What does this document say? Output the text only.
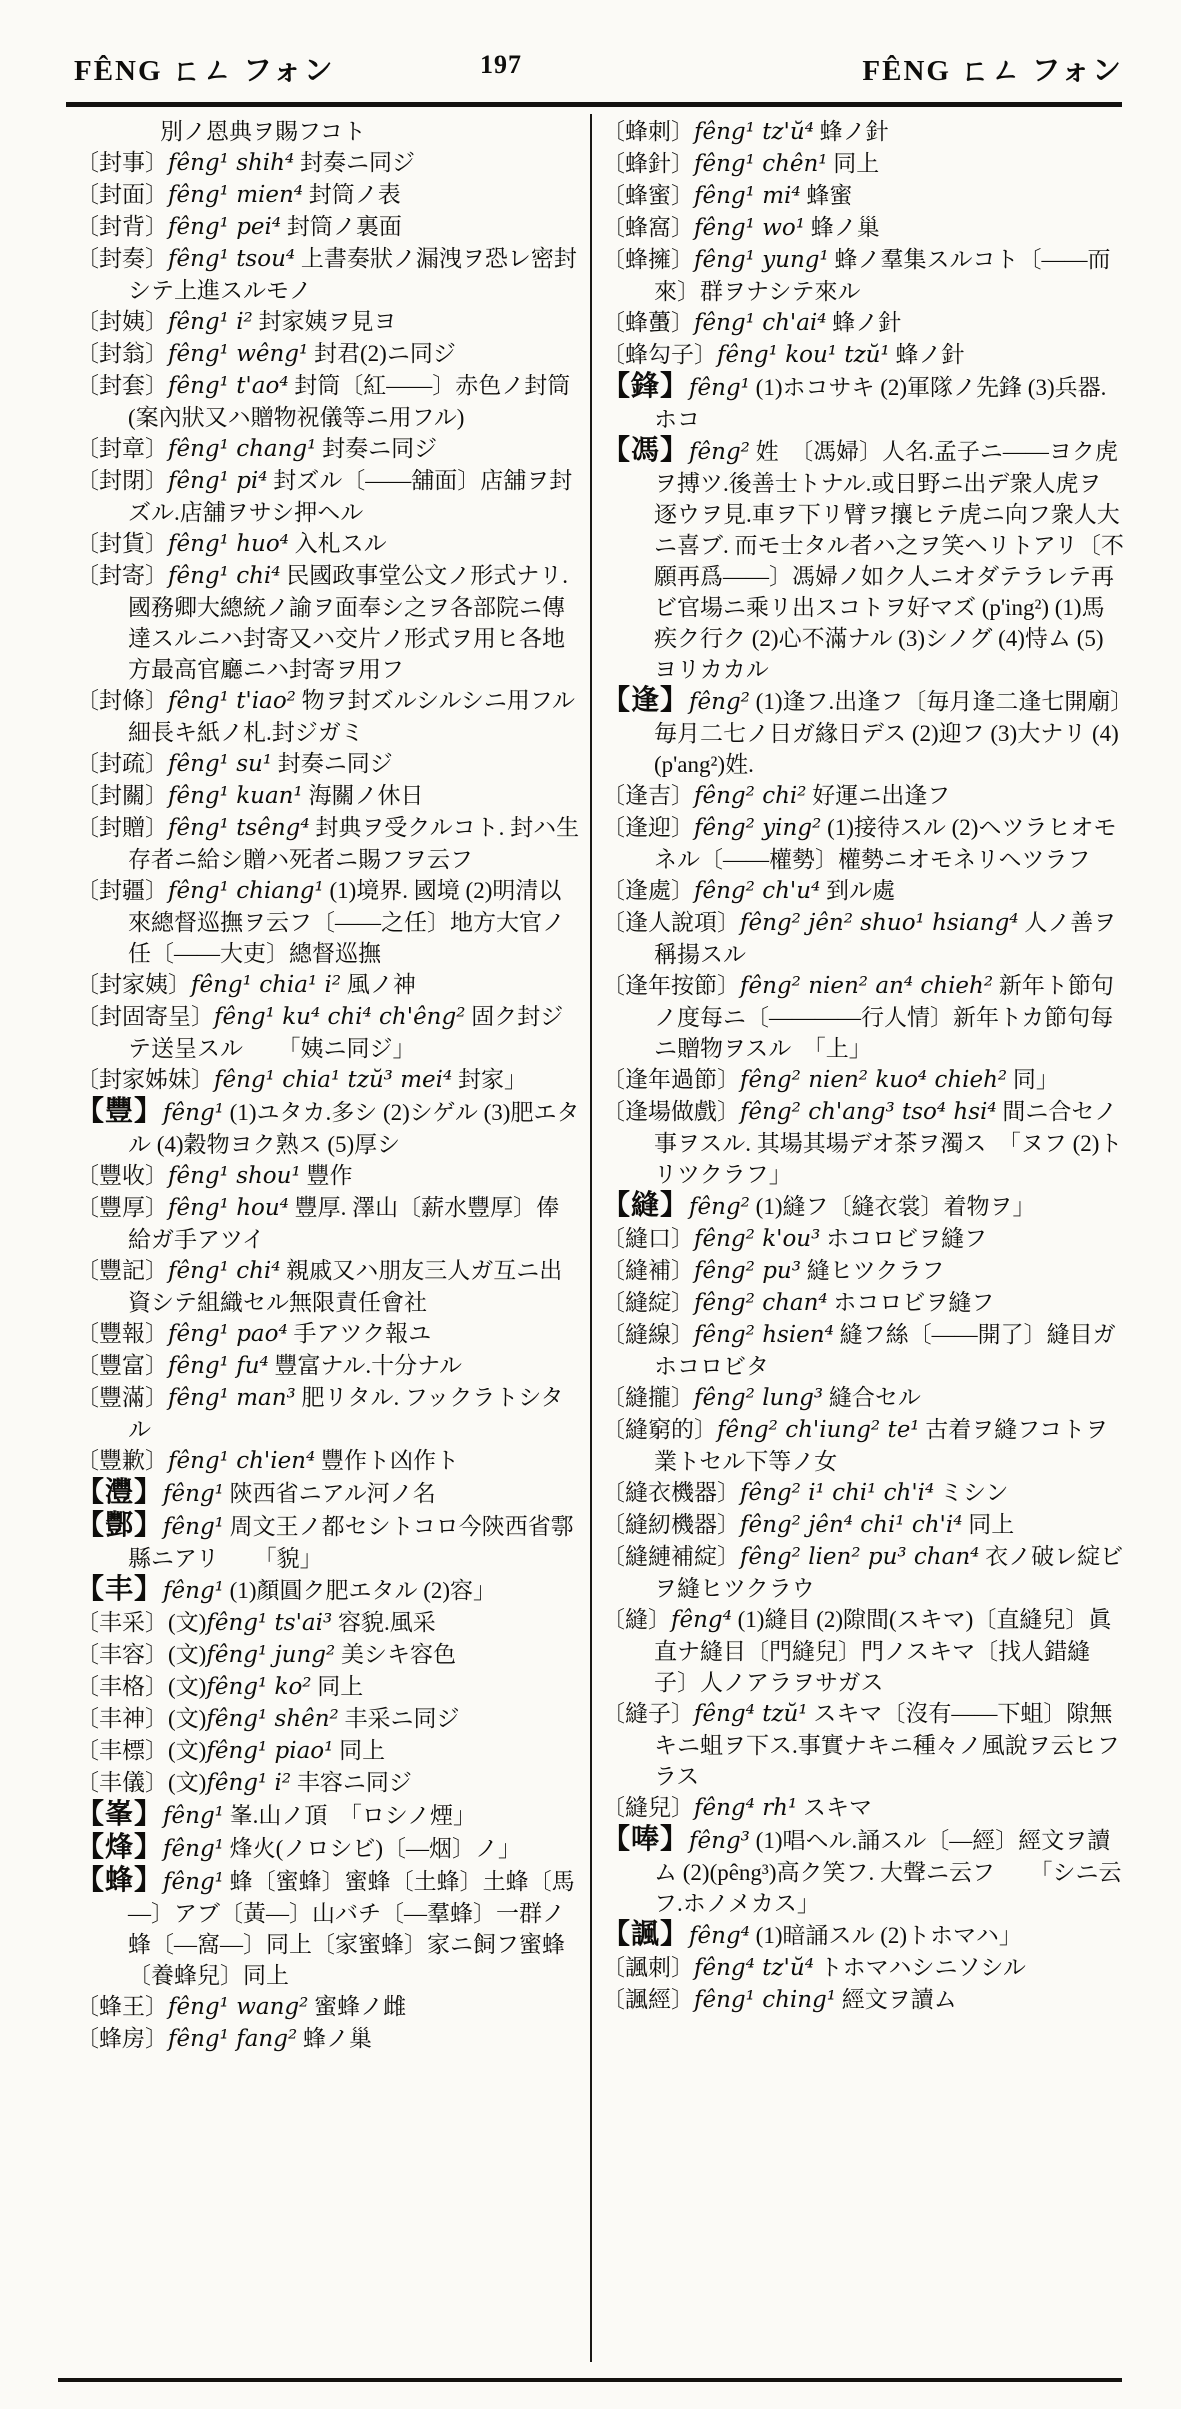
FÊNG ㄈㄥ フォン	197	FÊNG ㄈㄥ フォン

別ノ恩典ヲ賜フコト

〔封事〕fêng¹ shih⁴ 封奏ニ同ジ

〔封面〕fêng¹ mien⁴ 封筒ノ表

〔封背〕fêng¹ pei⁴ 封筒ノ裏面

〔封奏〕fêng¹ tsou⁴ 上書奏狀ノ漏洩ヲ恐レ密封シテ上進スルモノ

〔封姨〕fêng¹ i² 封家姨ヲ見ヨ

〔封翁〕fêng¹ wêng¹ 封君(2)ニ同ジ

〔封套〕fêng¹ t'ao⁴ 封筒〔紅——〕赤色ノ封筒(案內狀又ハ贈物祝儀等ニ用フル)

〔封章〕fêng¹ chang¹ 封奏ニ同ジ

〔封閉〕fêng¹ pi⁴ 封ズル〔——舖面〕店舖ヲ封ズル.店舖ヲサシ押ヘル

〔封貨〕fêng¹ huo⁴ 入札スル

〔封寄〕fêng¹ chi⁴ 民國政事堂公文ノ形式ナリ. 國務卿大總統ノ諭ヲ面奉シ之ヲ各部院ニ傳達スルニハ封寄又ハ交片ノ形式ヲ用ヒ各地方最高官廳ニハ封寄ヲ用フ

〔封條〕fêng¹ t'iao² 物ヲ封ズルシルシニ用フル細長キ紙ノ札.封ジガミ

〔封疏〕fêng¹ su¹ 封奏ニ同ジ

〔封關〕fêng¹ kuan¹ 海關ノ休日

〔封贈〕fêng¹ tsêng⁴ 封典ヲ受クルコト. 封ハ生存者ニ給シ贈ハ死者ニ賜フヲ云フ

〔封疆〕fêng¹ chiang¹ (1)境界. 國境 (2)明清以來總督巡撫ヲ云フ〔——之任〕地方大官ノ任〔——大吏〕總督巡撫

〔封家姨〕fêng¹ chia¹ i² 風ノ神

〔封固寄呈〕fêng¹ ku⁴ chi⁴ ch'êng² 固ク封ジテ送呈スル　　「姨ニ同ジ」

〔封家姊妹〕fêng¹ chia¹ tzŭ³ mei⁴ 封家」

【豐】fêng¹ (1)ユタカ.多シ (2)シゲル (3)肥エタル (4)穀物ヨク熟ス (5)厚シ

〔豐收〕fêng¹ shou¹ 豐作

〔豐厚〕fêng¹ hou⁴ 豐厚. 澤山〔薪水豐厚〕俸給ガ手アツイ

〔豐記〕fêng¹ chi⁴ 親戚又ハ朋友三人ガ互ニ出資シテ組織セル無限責任會社

〔豐報〕fêng¹ pao⁴ 手アツク報ユ

〔豐富〕fêng¹ fu⁴ 豐富ナル.十分ナル

〔豐滿〕fêng¹ man³ 肥リタル. フックラトシタル

〔豐歉〕fêng¹ ch'ien⁴ 豐作ト凶作ト

【灃】fêng¹ 陝西省ニアル河ノ名

【酆】fêng¹ 周文王ノ都セシトコロ今陝西省鄠縣ニアリ　　「貌」

【丰】fêng¹ (1)顏圓ク肥エタル (2)容」

〔丰采〕(文)fêng¹ ts'ai³ 容貌.風采

〔丰容〕(文)fêng¹ jung² 美シキ容色

〔丰格〕(文)fêng¹ ko² 同上

〔丰神〕(文)fêng¹ shên² 丰采ニ同ジ

〔丰標〕(文)fêng¹ piao¹ 同上

〔丰儀〕(文)fêng¹ i² 丰容ニ同ジ

【峯】fêng¹ 峯.山ノ頂　「ロシノ煙」

【烽】fêng¹ 烽火(ノロシビ)〔—烟〕ノ」

【蜂】fêng¹ 蜂〔蜜蜂〕蜜蜂〔土蜂〕土蜂〔馬—〕アブ〔黃—〕山バチ〔—羣蜂〕一群ノ蜂〔—窩—〕同上〔家蜜蜂〕家ニ飼フ蜜蜂〔養蜂兒〕同上

〔蜂王〕fêng¹ wang² 蜜蜂ノ雌

〔蜂房〕fêng¹ fang² 蜂ノ巢

〔蜂刺〕fêng¹ tz'ŭ⁴ 蜂ノ針

〔蜂針〕fêng¹ chên¹ 同上

〔蜂蜜〕fêng¹ mi⁴ 蜂蜜

〔蜂窩〕fêng¹ wo¹ 蜂ノ巢

〔蜂擁〕fêng¹ yung¹ 蜂ノ羣集スルコト〔——而來〕群ヲナシテ來ル

〔蜂蠆〕fêng¹ ch'ai⁴ 蜂ノ針

〔蜂勾子〕fêng¹ kou¹ tzŭ¹ 蜂ノ針

【鋒】fêng¹ (1)ホコサキ (2)軍隊ノ先鋒 (3)兵器. ホコ

【馮】fêng² 姓　〔馮婦〕人名.孟子ニ——ヨク虎ヲ搏ツ.後善士トナル.或日野ニ出デ衆人虎ヲ逐ウヲ見.車ヲ下リ臂ヲ攘ヒテ虎ニ向フ衆人大ニ喜ブ. 而モ士タル者ハ之ヲ笑ヘリトアリ〔不願再爲——〕馮婦ノ如ク人ニオダテラレテ再ビ官場ニ乘リ出スコトヲ好マズ (p'ing²) (1)馬疾ク行ク (2)心不滿ナル (3)シノグ (4)恃ム (5)ヨリカカル

【逢】fêng² (1)逢フ.出逢フ〔毎月逢二逢七開廟〕毎月二七ノ日ガ緣日デス (2)迎フ (3)大ナリ (4)(p'ang²)姓.

〔逢吉〕fêng² chi² 好運ニ出逢フ

〔逢迎〕fêng² ying² (1)接待スル (2)ヘツラヒオモネル〔——權勢〕權勢ニオモネリヘツラフ

〔逢處〕fêng² ch'u⁴ 到ル處

〔逢人說項〕fêng² jên² shuo¹ hsiang⁴ 人ノ善ヲ稱揚スル

〔逢年按節〕fêng² nien² an⁴ chieh² 新年ト節句ノ度每ニ〔————行人情〕新年トカ節句每ニ贈物ヲスル　「上」

〔逢年過節〕fêng² nien² kuo⁴ chieh² 同」

〔逢場做戲〕fêng² ch'ang³ tso⁴ hsi⁴ 間ニ合セノ事ヲスル. 其場其場デオ茶ヲ濁ス　「ヌフ (2)トリツクラフ」

【縫】fêng² (1)縫フ〔縫衣裳〕着物ヲ」

〔縫口〕fêng² k'ou³ ホコロビヲ縫フ

〔縫補〕fêng² pu³ 縫ヒツクラフ

〔縫綻〕fêng² chan⁴ ホコロビヲ縫フ

〔縫線〕fêng² hsien⁴ 縫フ絲〔——開了〕縫目ガホコロビタ

〔縫攏〕fêng² lung³ 縫合セル

〔縫窮的〕fêng² ch'iung² te¹ 古着ヲ縫フコトヲ業トセル下等ノ女

〔縫衣機器〕fêng² i¹ chi¹ ch'i⁴ ミシン

〔縫紉機器〕fêng² jên⁴ chi¹ ch'i⁴ 同上

〔縫縺補綻〕fêng² lien² pu³ chan⁴ 衣ノ破レ綻ビヲ縫ヒツクラウ

〔縫〕fêng⁴ (1)縫目 (2)隙間(スキマ)〔直縫兒〕眞直ナ縫目〔門縫兒〕門ノスキマ〔找人錯縫子〕人ノアラヲサガス

〔縫子〕fêng⁴ tzŭ¹ スキマ〔沒有——下蛆〕隙無キニ蛆ヲ下ス.事實ナキニ種々ノ風說ヲ云ヒフラス

〔縫兒〕fêng⁴ rh¹ スキマ

【唪】fêng³ (1)唱ヘル.誦スル〔—經〕經文ヲ讀ム (2)(pêng³)高ク笑フ. 大聲ニ云フ　　「シニ云フ.ホノメカス」

【諷】fêng⁴ (1)暗誦スル (2)トホマハ」

〔諷刺〕fêng⁴ tz'ŭ⁴ トホマハシニソシル

〔諷經〕fêng¹ ching¹ 經文ヲ讀ム
